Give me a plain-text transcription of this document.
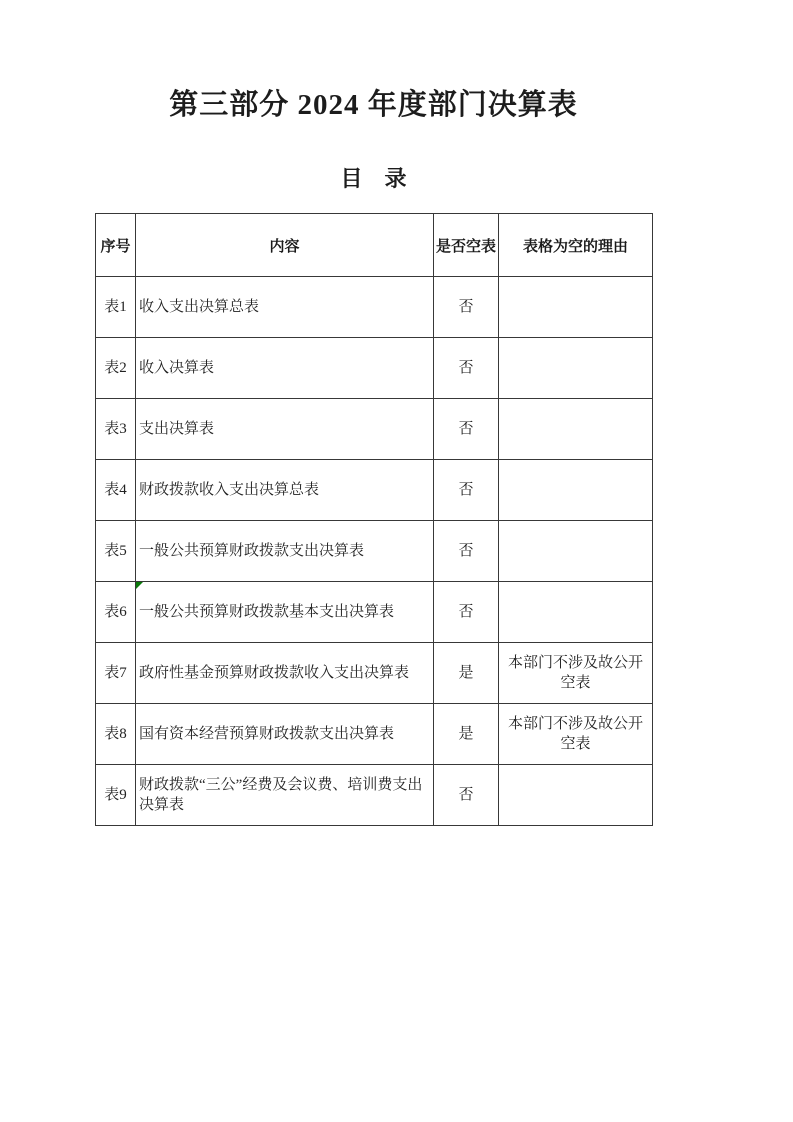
第三部分 2024 年度部门决算表
目　录
序号	内容	是否空表	表格为空的理由
表1	收入支出决算总表	否	
表2	收入决算表	否	
表3	支出决算表	否	
表4	财政拨款收入支出决算总表	否	
表5	一般公共预算财政拨款支出决算表	否	
表6	一般公共预算财政拨款基本支出决算表	否	
表7	政府性基金预算财政拨款收入支出决算表	是	本部门不涉及故公开空表
表8	国有资本经营预算财政拨款支出决算表	是	本部门不涉及故公开空表
表9	财政拨款“三公”经费及会议费、培训费支出决算表	否	
